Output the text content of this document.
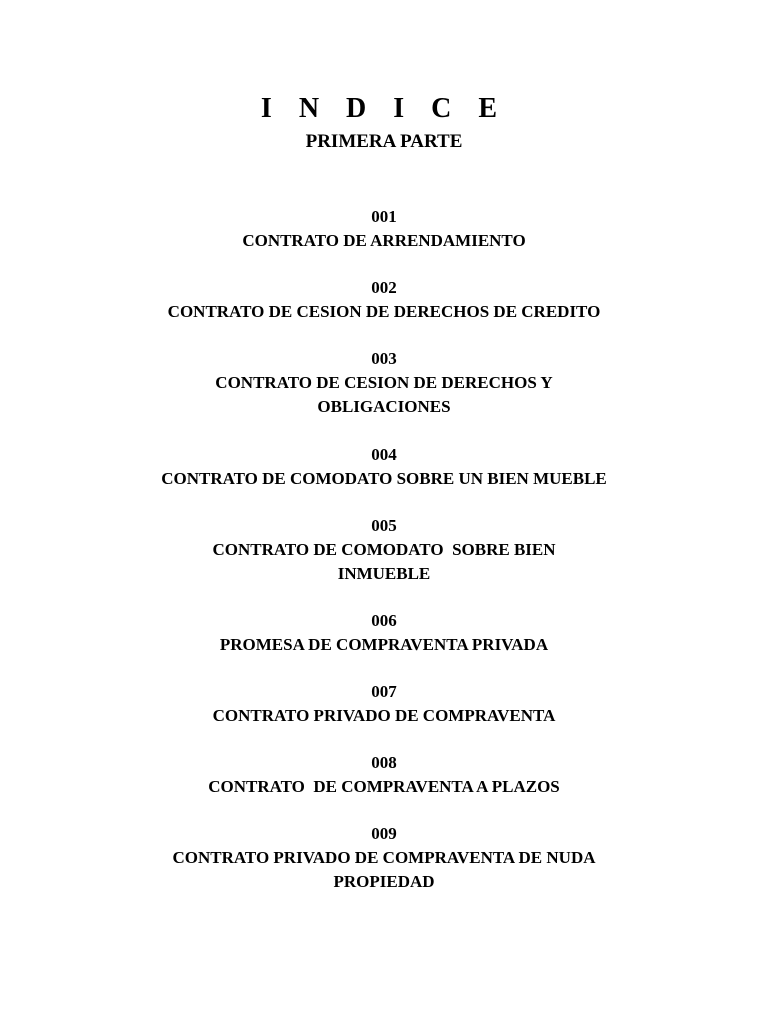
I N D I C E
PRIMERA PARTE
001
CONTRATO DE ARRENDAMIENTO
002
CONTRATO DE CESION DE DERECHOS DE CREDITO
003
CONTRATO DE CESION DE DERECHOS Y
OBLIGACIONES
004
CONTRATO DE COMODATO SOBRE UN BIEN MUEBLE
005
CONTRATO DE COMODATO  SOBRE BIEN
INMUEBLE
006
PROMESA DE COMPRAVENTA PRIVADA
007
CONTRATO PRIVADO DE COMPRAVENTA
008
CONTRATO  DE COMPRAVENTA A PLAZOS
009
CONTRATO PRIVADO DE COMPRAVENTA DE NUDA
PROPIEDAD
